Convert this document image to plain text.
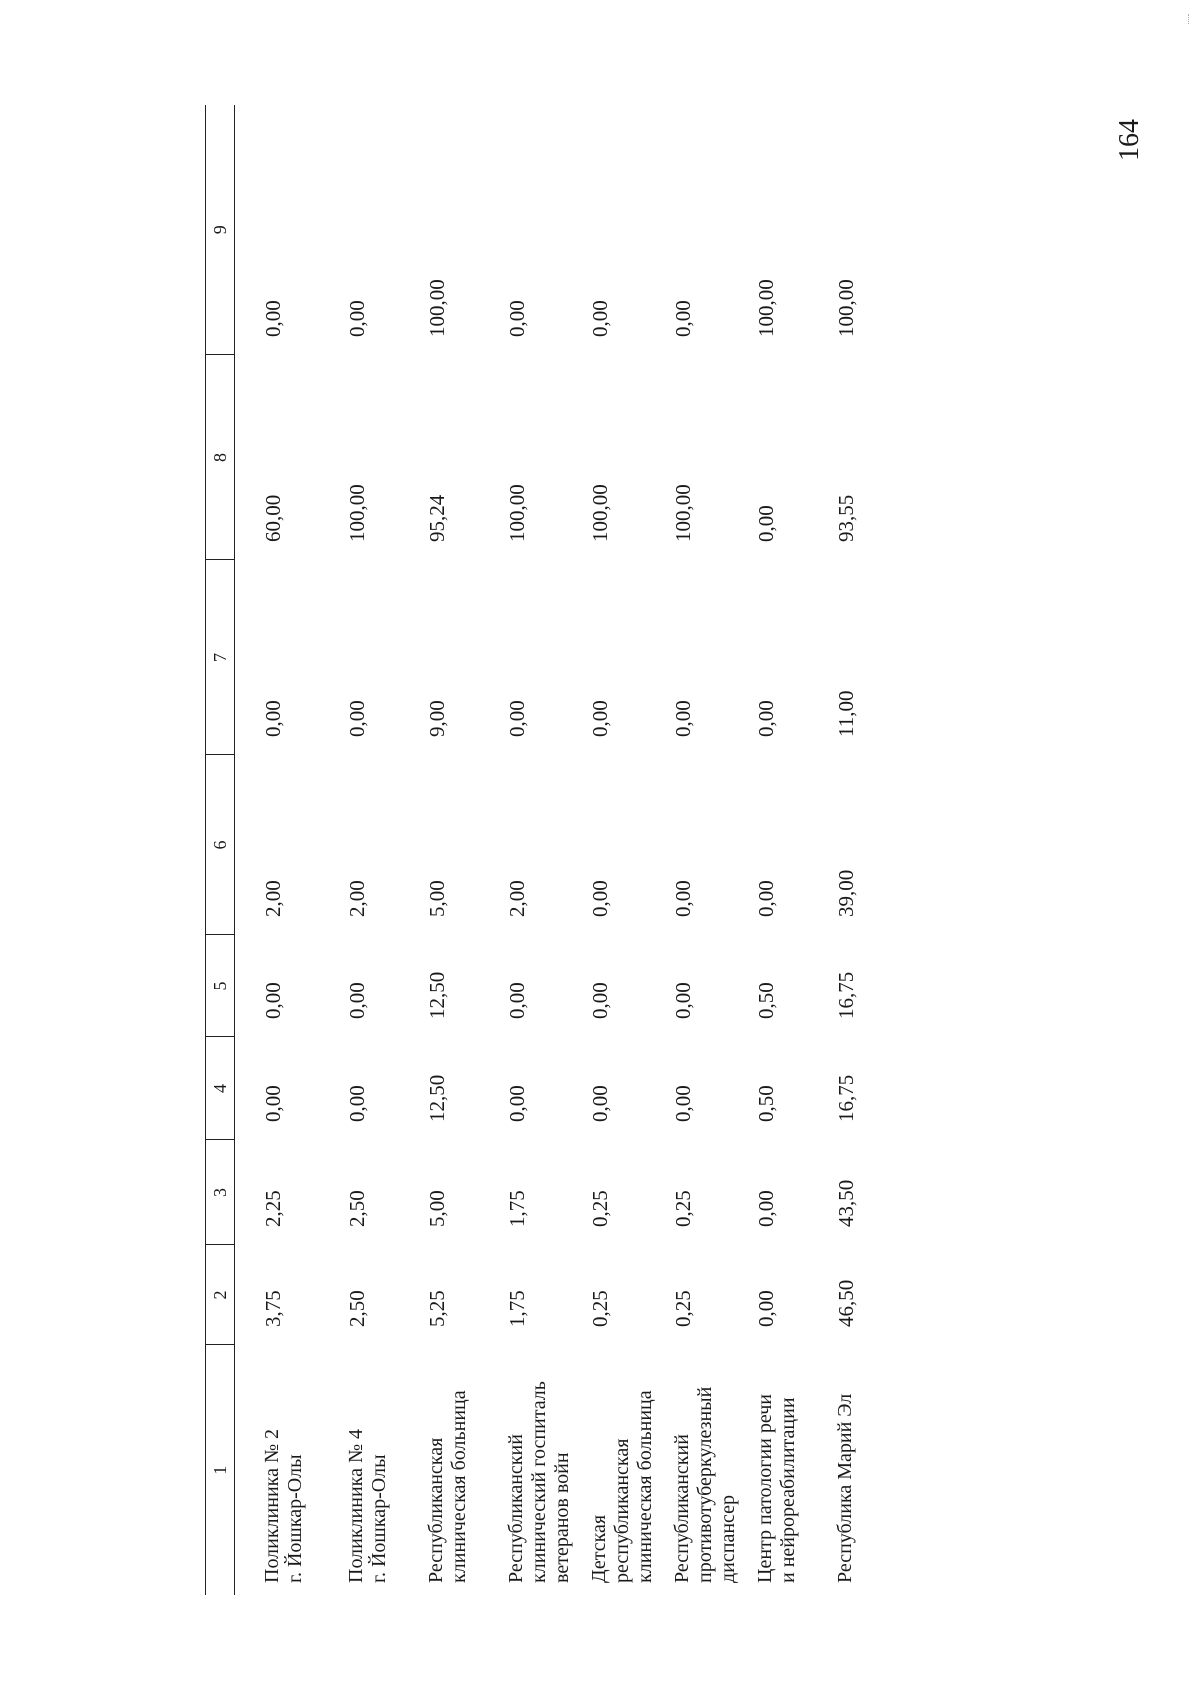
164
1	2	3	4	5	6	7	8	9

Поликлиника № 2 г. Йошкар-Олы	3,75	2,25	0,00	0,00	2,00	0,00	60,00	0,00

Поликлиника № 4 г. Йошкар-Олы	2,50	2,50	0,00	0,00	2,00	0,00	100,00	0,00

Республиканская клиническая больница	5,25	5,00	12,50	12,50	5,00	9,00	95,24	100,00

Республиканский клинический госпиталь ветеранов войн	1,75	1,75	0,00	0,00	2,00	0,00	100,00	0,00

Детская республиканская клиническая больница	0,25	0,25	0,00	0,00	0,00	0,00	100,00	0,00

Республиканский противотуберкулезный диспансер	0,25	0,25	0,00	0,00	0,00	0,00	100,00	0,00

Центр патологии речи и нейрореабилитации	0,00	0,00	0,50	0,50	0,00	0,00	0,00	100,00

Республика Марий Эл	46,50	43,50	16,75	16,75	39,00	11,00	93,55	100,00
